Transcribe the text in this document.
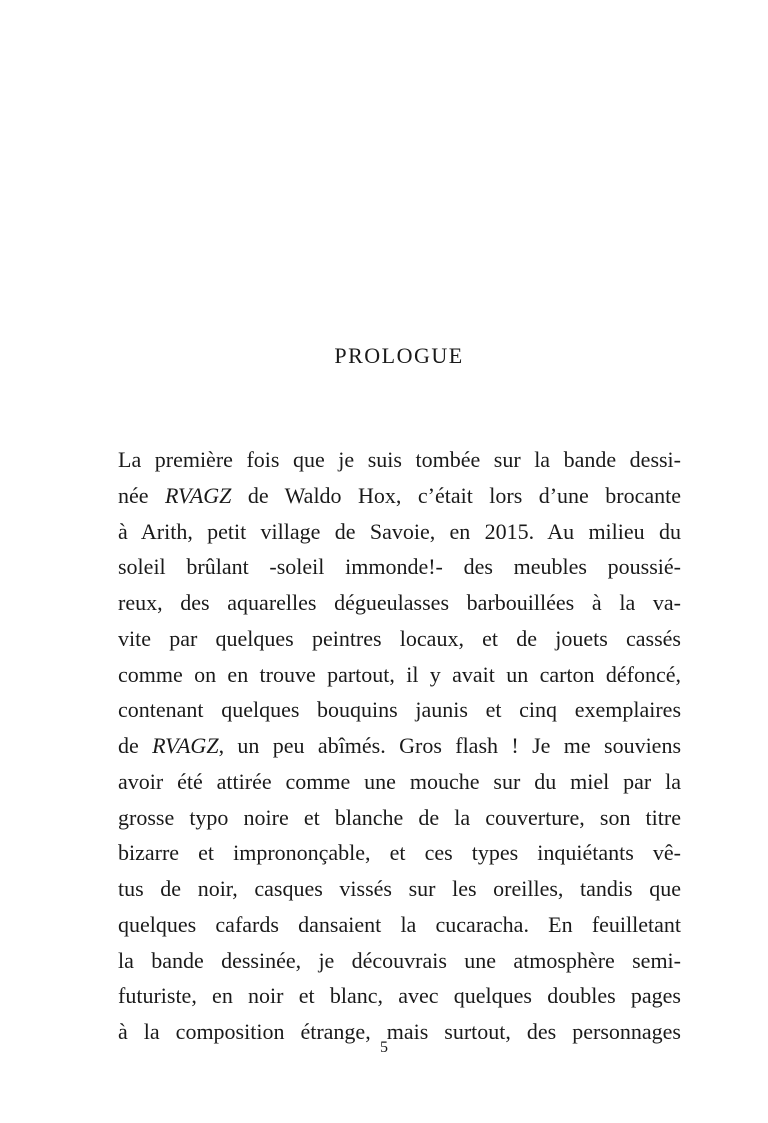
PROLOGUE
La première fois que je suis tombée sur la bande dessi-
née RVAGZ de Waldo Hox, c’était lors d’une brocante
à Arith, petit village de Savoie, en 2015. Au milieu du
soleil brûlant -soleil immonde!- des meubles poussié-
reux, des aquarelles dégueulasses barbouillées à la va-
vite par quelques peintres locaux, et de jouets cassés
comme on en trouve partout, il y avait un carton défoncé,
contenant quelques bouquins jaunis et cinq exemplaires
de RVAGZ, un peu abîmés. Gros flash ! Je me souviens
avoir été attirée comme une mouche sur du miel par la
grosse typo noire et blanche de la couverture, son titre
bizarre et imprononçable, et ces types inquiétants vê-
tus de noir, casques vissés sur les oreilles, tandis que
quelques cafards dansaient la cucaracha. En feuilletant
la bande dessinée, je découvrais une atmosphère semi-
futuriste, en noir et blanc, avec quelques doubles pages
à la composition étrange, mais surtout, des personnages
5
